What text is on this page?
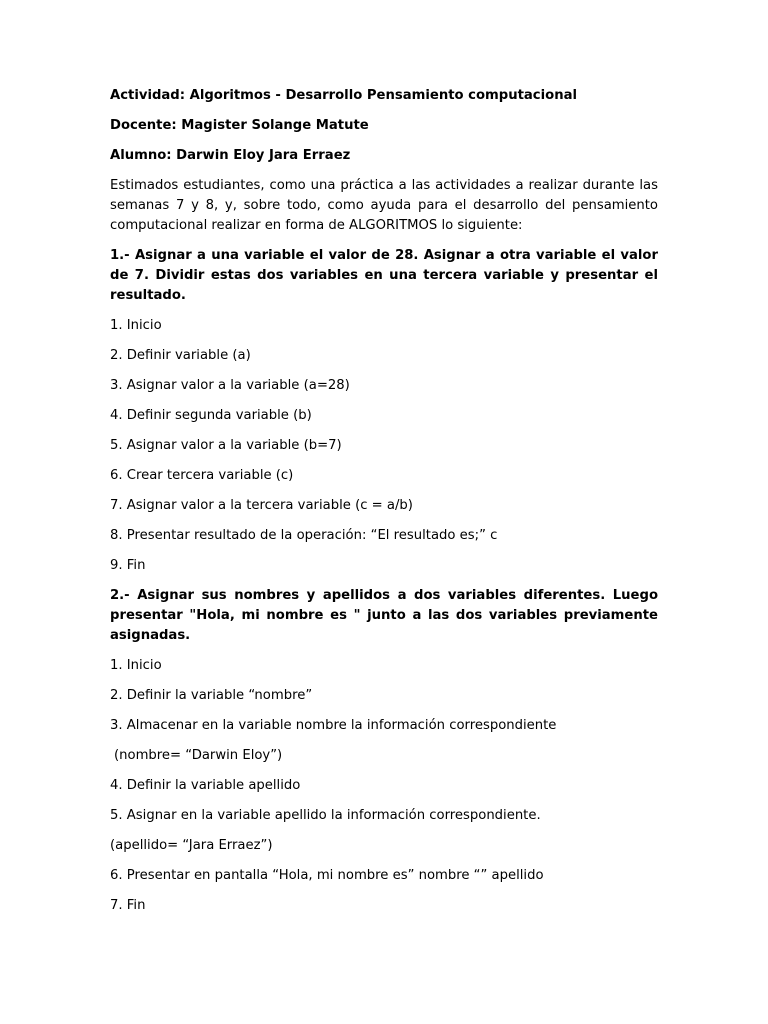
Actividad: Algoritmos - Desarrollo Pensamiento computacional
Docente: Magister Solange Matute
Alumno: Darwin Eloy Jara Erraez
Estimados estudiantes, como una práctica a las actividades a realizar durante las semanas 7 y 8, y, sobre todo, como ayuda para el desarrollo del pensamiento computacional realizar en forma de ALGORITMOS lo siguiente:
1.- Asignar a una variable el valor de 28. Asignar a otra variable el valor de 7. Dividir estas dos variables en una tercera variable y presentar el resultado.
1. Inicio
2. Definir variable (a)
3. Asignar valor a la variable (a=28)
4. Definir segunda variable (b)
5. Asignar valor a la variable (b=7)
6. Crear tercera variable (c)
7. Asignar valor a la tercera variable (c = a/b)
8. Presentar resultado de la operación: “El resultado es;” c
9. Fin
2.- Asignar sus nombres y apellidos a dos variables diferentes. Luego presentar "Hola, mi nombre es " junto a las dos variables previamente asignadas.
1. Inicio
2. Definir la variable “nombre”
3. Almacenar en la variable nombre la información correspondiente
(nombre= “Darwin Eloy”)
4. Definir la variable apellido
5. Asignar en la variable apellido la información correspondiente.
(apellido= “Jara Erraez”)
6. Presentar en pantalla “Hola, mi nombre es” nombre “” apellido
7. Fin
